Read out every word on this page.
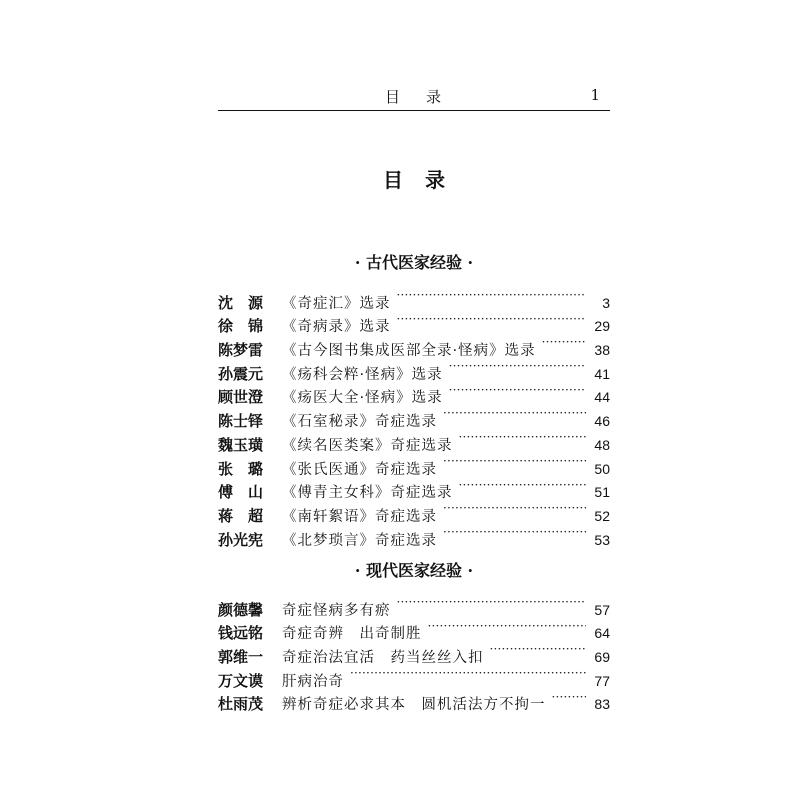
目录	1
目录
· 古代医家经验 ·
沈　源	《奇症汇》选录 ·····	3
徐　锦	《奇病录》选录 ·····	29
陈梦雷	《古今图书集成医部全录·怪病》选录 ·····	38
孙震元	《疡科会粹·怪病》选录 ·····	41
顾世澄	《疡医大全·怪病》选录 ·····	44
陈士铎	《石室秘录》奇症选录 ·····	46
魏玉璜	《续名医类案》奇症选录 ·····	48
张　璐	《张氏医通》奇症选录 ·····	50
傅　山	《傅青主女科》奇症选录 ·····	51
蒋　超	《南轩絮语》奇症选录 ·····	52
孙光宪	《北梦琐言》奇症选录 ·····	53
· 现代医家经验 ·
颜德馨	奇症怪病多有瘀 ·····	57
钱远铭	奇症奇辨　出奇制胜 ·····	64
郭维一	奇症治法宜活　药当丝丝入扣 ·····	69
万文谟	肝病治奇 ·····	77
杜雨茂	辨析奇症必求其本　圆机活法方不拘一 ·····	83
